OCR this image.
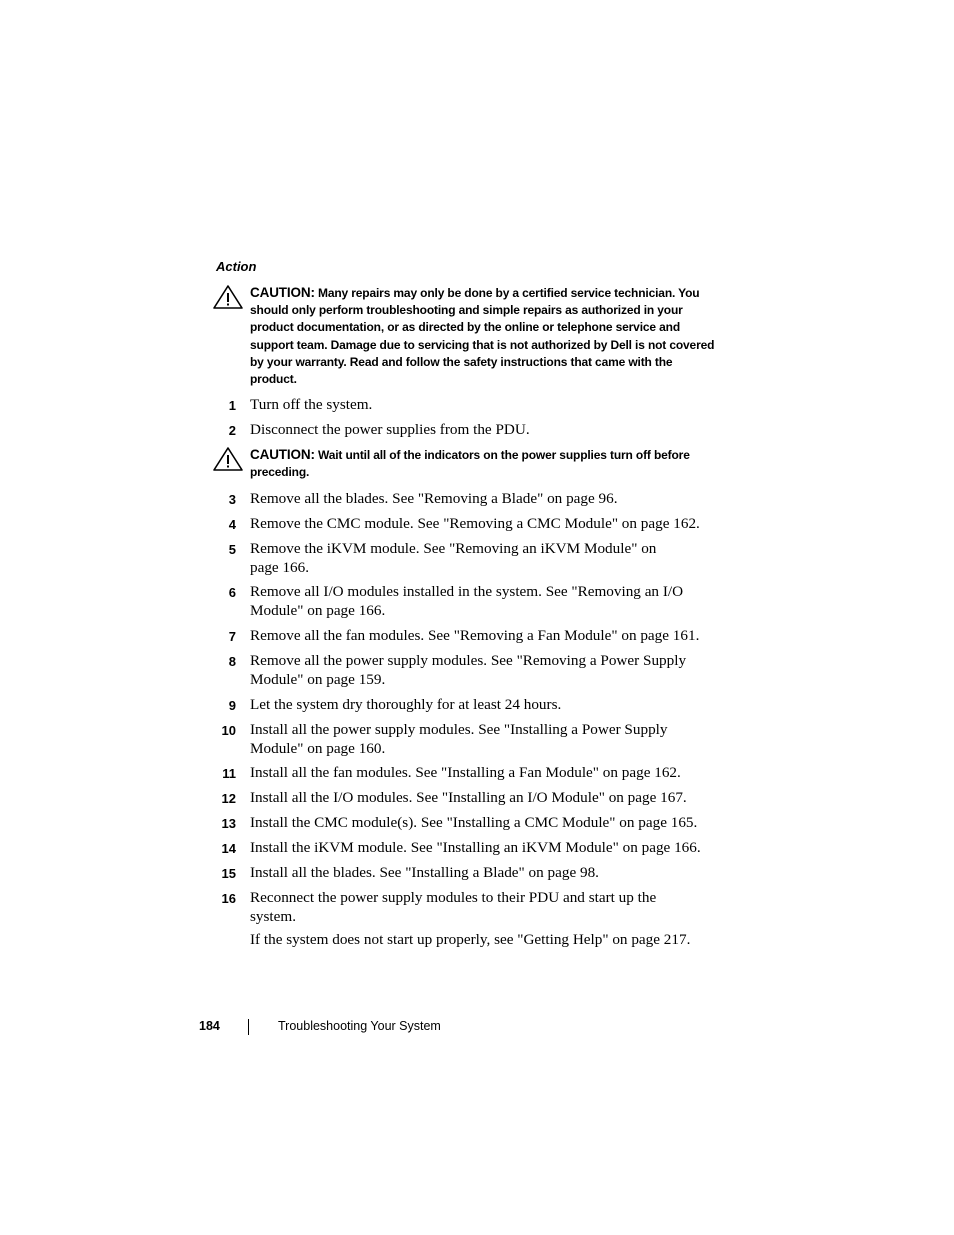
Action
CAUTION: Many repairs may only be done by a certified service technician. You should only perform troubleshooting and simple repairs as authorized in your product documentation, or as directed by the online or telephone service and support team. Damage due to servicing that is not authorized by Dell is not covered by your warranty. Read and follow the safety instructions that came with the product.
1 Turn off the system.
2 Disconnect the power supplies from the PDU.
CAUTION: Wait until all of the indicators on the power supplies turn off before preceding.
3 Remove all the blades. See "Removing a Blade" on page 96.
4 Remove the CMC module. See "Removing a CMC Module" on page 162.
5 Remove the iKVM module. See "Removing an iKVM Module" on page 166.
6 Remove all I/O modules installed in the system. See "Removing an I/O Module" on page 166.
7 Remove all the fan modules. See "Removing a Fan Module" on page 161.
8 Remove all the power supply modules. See "Removing a Power Supply Module" on page 159.
9 Let the system dry thoroughly for at least 24 hours.
10 Install all the power supply modules. See "Installing a Power Supply Module" on page 160.
11 Install all the fan modules. See "Installing a Fan Module" on page 162.
12 Install all the I/O modules. See "Installing an I/O Module" on page 167.
13 Install the CMC module(s). See "Installing a CMC Module" on page 165.
14 Install the iKVM module. See "Installing an iKVM Module" on page 166.
15 Install all the blades. See "Installing a Blade" on page 98.
16 Reconnect the power supply modules to their PDU and start up the system.
If the system does not start up properly, see "Getting Help" on page 217.
184	Troubleshooting Your System
